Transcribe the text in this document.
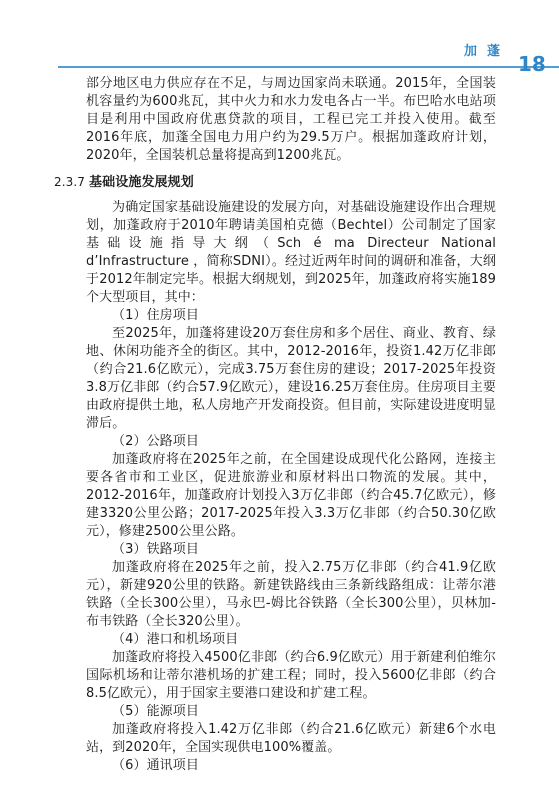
加蓬
18

部分地区电力供应存在不足，与周边国家尚未联通。2015年，全国装机容量约为600兆瓦，其中火力和水力发电各占一半。布巴哈水电站项目是利用中国政府优惠贷款的项目，工程已完工并投入使用。截至2016年底，加蓬全国电力用户约为29.5万户。根据加蓬政府计划，2020年，全国装机总量将提高到1200兆瓦。

2.3.7 基础设施发展规划

为确定国家基础设施建设的发展方向，对基础设施建设作出合理规划，加蓬政府于2010年聘请美国柏克德（Bechtel）公司制定了国家基础设施指导大纲（Sch é ma Directeur National d’Infrastructure ，简称SDNI）。经过近两年时间的调研和准备，大纲于2012年制定完毕。根据大纲规划，到2025年，加蓬政府将实施189个大型项目，其中：

（1）住房项目

至2025年，加蓬将建设20万套住房和多个居住、商业、教育、绿地、休闲功能齐全的街区。其中，2012-2016年，投资1.42万亿非郎（约合21.6亿欧元），完成3.75万套住房的建设；2017-2025年投资3.8万亿非郎（约合57.9亿欧元），建设16.25万套住房。住房项目主要由政府提供土地，私人房地产开发商投资。但目前，实际建设进度明显滞后。

（2）公路项目

加蓬政府将在2025年之前，在全国建设成现代化公路网，连接主要各省市和工业区，促进旅游业和原材料出口物流的发展。其中，2012-2016年，加蓬政府计划投入3万亿非郎（约合45.7亿欧元），修建3320公里公路；2017-2025年投入3.3万亿非郎（约合50.30亿欧元），修建2500公里公路。

（3）铁路项目

加蓬政府将在2025年之前，投入2.75万亿非郎（约合41.9亿欧元），新建920公里的铁路。新建铁路线由三条新线路组成：让蒂尔港铁路（全长300公里），马永巴-姆比谷铁路（全长300公里），贝林加-布韦铁路（全长320公里）。

（4）港口和机场项目

加蓬政府将投入4500亿非郎（约合6.9亿欧元）用于新建利伯维尔国际机场和让蒂尔港机场的扩建工程；同时，投入5600亿非郎（约合8.5亿欧元），用于国家主要港口建设和扩建工程。

（5）能源项目

加蓬政府将投入1.42万亿非郎（约合21.6亿欧元）新建6个水电站，到2020年，全国实现供电100%覆盖。

（6）通讯项目
